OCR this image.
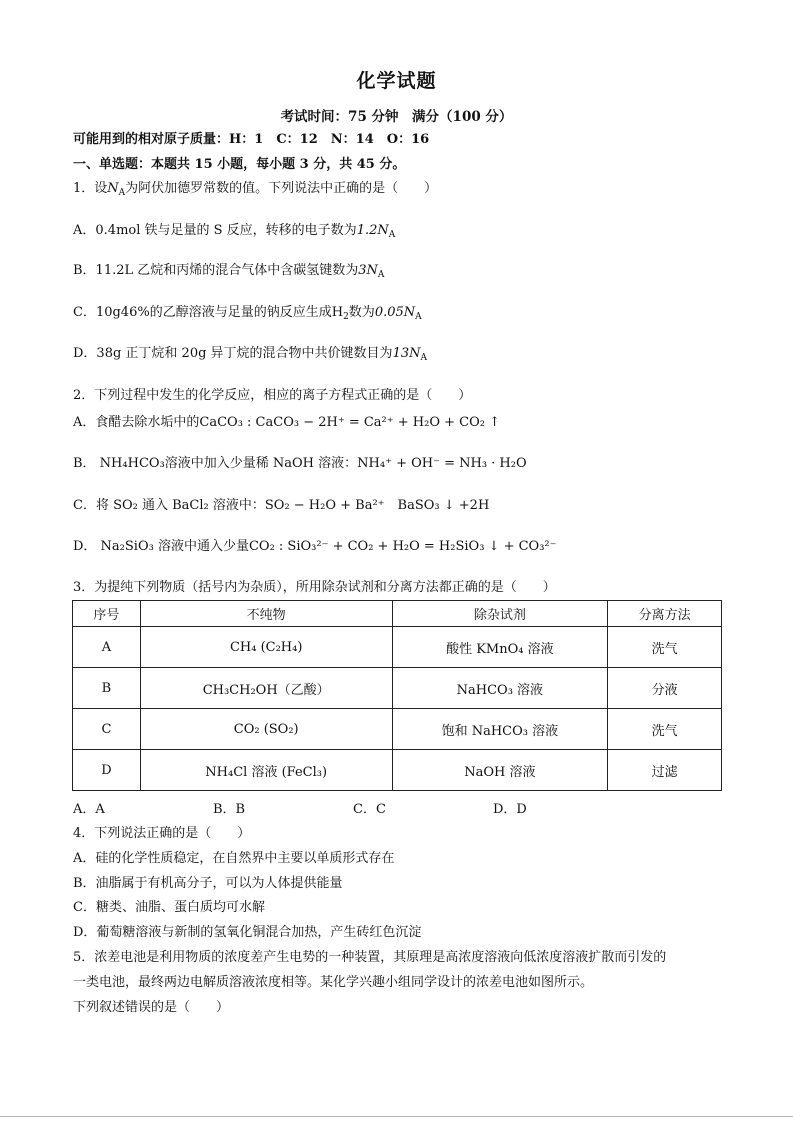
化学试题
考试时间：75 分钟　满分（100 分）
可能用到的相对原子质量：H：1　C：12　N：14　O：16
一、单选题：本题共 15 小题，每小题 3 分，共 45 分。
1．设$N_A$为阿伏加德罗常数的值。下列说法中正确的是（　　）
A．0.4mol 铁与足量的 S 反应，转移的电子数为$1.2N_A$
B．11.2L 乙烷和丙烯的混合气体中含碳氢键数为$3N_A$
C．10g46%的乙醇溶液与足量的钠反应生成$H_2$数为$0.05N_A$
D．38g 正丁烷和 20g 异丁烷的混合物中共价键数目为$13N_A$
2．下列过程中发生的化学反应，相应的离子方程式正确的是（　　）
A．食醋去除水垢中的CaCO₃ : CaCO₃ − 2H⁺ = Ca²⁺ + H₂O + CO₂ ↑
B． NH₄HCO₃溶液中加入少量稀 NaOH 溶液：NH₄⁺ + OH⁻ = NH₃ · H₂O
C．将 SO₂ 通入 BaCl₂ 溶液中：SO₂ − H₂O + Ba²⁺　BaSO₃ ↓ +2H
D． Na₂SiO₃ 溶液中通入少量CO₂ : SiO₃²⁻ + CO₂ + H₂O = H₂SiO₃ ↓ + CO₃²⁻
3．为提纯下列物质（括号内为杂质），所用除杂试剂和分离方法都正确的是（　　）
序号	不纯物	除杂试剂	分离方法
A	CH₄ (C₂H₄)	酸性 KMnO₄ 溶液	洗气
B	CH₃CH₂OH（乙酸）	NaHCO₃ 溶液	分液
C	CO₂ (SO₂)	饱和 NaHCO₃ 溶液	洗气
D	NH₄Cl 溶液 (FeCl₃)	NaOH 溶液	过滤
A．A	B．B	C．C	D．D
4．下列说法正确的是（　　）
A．硅的化学性质稳定，在自然界中主要以单质形式存在
B．油脂属于有机高分子，可以为人体提供能量
C．糖类、油脂、蛋白质均可水解
D．葡萄糖溶液与新制的氢氧化铜混合加热，产生砖红色沉淀
5．浓差电池是利用物质的浓度差产生电势的一种装置，其原理是高浓度溶液向低浓度溶液扩散而引发的
一类电池，最终两边电解质溶液浓度相等。某化学兴趣小组同学设计的浓差电池如图所示。
下列叙述错误的是（　　）
